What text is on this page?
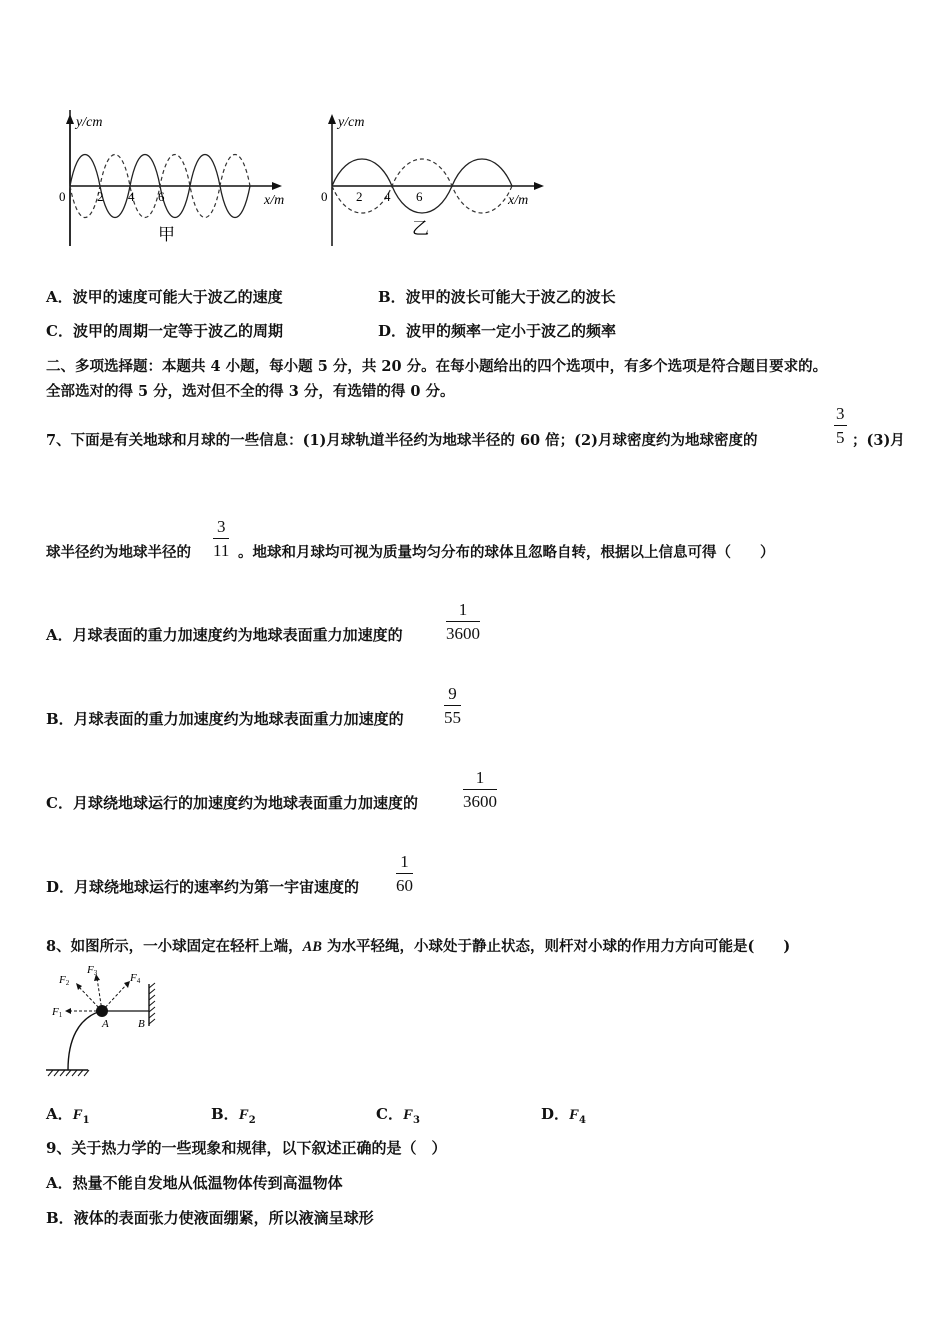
y/cm
0 2 4 6	x/m
甲
y/cm
0 2 4 6	x/m
乙
A．波甲的速度可能大于波乙的速度	B．波甲的波长可能大于波乙的波长
C．波甲的周期一定等于波乙的周期	D．波甲的频率一定小于波乙的频率
二、多项选择题：本题共 4 小题，每小题 5 分，共 20 分。在每小题给出的四个选项中，有多个选项是符合题目要求的。
全部选对的得 5 分，选对但不全的得 3 分，有选错的得 0 分。
7、下面是有关地球和月球的一些信息：(1)月球轨道半径约为地球半径的 60 倍；(2)月球密度约为地球密度的	$\frac{3}{5}$ ；(3)月
球半径约为地球半径的 $\frac{3}{11}$ 。地球和月球均可视为质量均匀分布的球体且忽略自转，根据以上信息可得（　　）
A．月球表面的重力加速度约为地球表面重力加速度的	$\frac{1}{3600}$
B．月球表面的重力加速度约为地球表面重力加速度的 $\frac{9}{55}$
C．月球绕地球运行的加速度约为地球表面重力加速度的	$\frac{1}{3600}$
D．月球绕地球运行的速率约为第一宇宙速度的 $\frac{1}{60}$
8、如图所示，一小球固定在轻杆上端，AB 为水平轻绳，小球处于静止状态，则杆对小球的作用力方向可能是(　　)
F1
F2
F3	F4
A	B
A．$F_1$	B．$F_2$	C．$F_3$	D．$F_4$
9、关于热力学的一些现象和规律，以下叙述正确的是（　）
A．热量不能自发地从低温物体传到高温物体
B．液体的表面张力使液面绷紧，所以液滴呈球形
